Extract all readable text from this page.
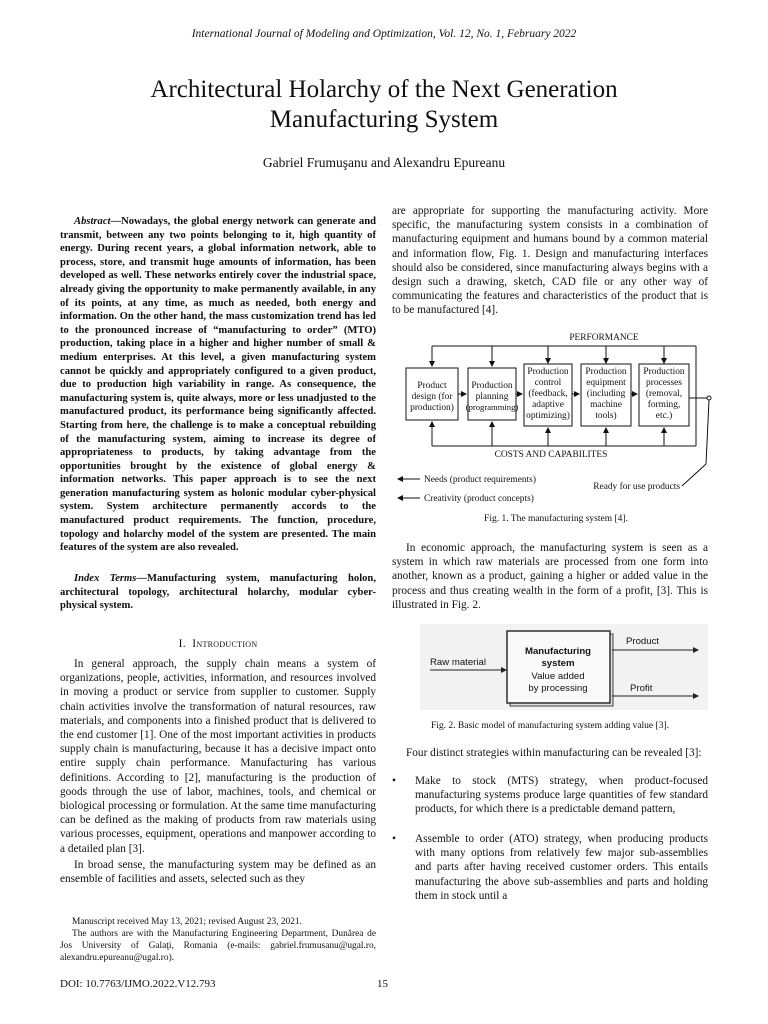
International Journal of Modeling and Optimization, Vol. 12, No. 1, February 2022
Architectural Holarchy of the Next Generation
Manufacturing System
Gabriel Frumuşanu and Alexandru Epureanu

Abstract—Nowadays, the global energy network can generate and transmit, between any two points belonging to it, high quantity of energy. During recent years, a global information network, able to process, store, and transmit huge amounts of information, has been developed as well. These networks entirely cover the industrial space, already giving the opportunity to make permanently available, in any of its points, at any time, as much as needed, both energy and information. On the other hand, the mass customization trend has led to the pronounced increase of “manufacturing to order” (MTO) production, taking place in a higher and higher number of small & medium enterprises. At this level, a given manufacturing system cannot be quickly and appropriately configured to a given product, due to production high variability in range. As consequence, the manufacturing system is, quite always, more or less unadjusted to the manufactured product, its performance being significantly affected. Starting from here, the challenge is to make a conceptual rebuilding of the manufacturing system, aiming to increase its degree of appropriateness to products, by taking advantage from the opportunities brought by the existence of global energy & information networks. This paper approach is to see the next generation manufacturing system as holonic modular cyber-physical system. System architecture permanently accords to the manufactured product requirements. The function, procedure, topology and holarchy model of the system are presented. The main features of the system are also revealed.

Index Terms—Manufacturing system, manufacturing holon, architectural topology, architectural holarchy, modular cyber-physical system.

I. Introduction

In general approach, the supply chain means a system of organizations, people, activities, information, and resources involved in moving a product or service from supplier to customer. Supply chain activities involve the transformation of natural resources, raw materials, and components into a finished product that is delivered to the end customer [1]. One of the most important activities in products supply chain is manufacturing, because it has a decisive impact onto entire supply chain performance. Manufacturing has various definitions. According to [2], manufacturing is the production of goods through the use of labor, machines, tools, and chemical or biological processing or formulation. At the same time manufacturing can be defined as the making of products from raw materials using various processes, equipment, operations and manpower according to a detailed plan [3].

In broad sense, the manufacturing system may be defined as an ensemble of facilities and assets, selected such as they

Manuscript received May 13, 2021; revised August 23, 2021.

The authors are with the Manufacturing Engineering Department, Dunărea de Jos University of Galaţi, Romania (e-mails: gabriel.frumusanu@ugal.ro, alexandru.epureanu@ugal.ro).

DOI: 10.7763/IJMO.2022.V12.793	15

are appropriate for supporting the manufacturing activity. More specific, the manufacturing system consists in a combination of manufacturing equipment and humans bound by a common material and information flow, Fig. 1. Design and manufacturing interfaces should also be considered, since manufacturing always begins with a design such a drawing, sketch, CAD file or any other way of communicating the features and characteristics of the product that is to be manufactured [4].

PERFORMANCE
Product
design (for
production)
Production
planning
(programming)
Production
control
(feedback,
adaptive
optimizing)
Production
equipment
(including
machine
tools)
Production
processes
(removal,
forming,
etc.)
COSTS AND CAPABILITES
Needs (product requirements)
Creativity (product concepts)
Ready for use products
Fig. 1. The manufacturing system [4].

In economic approach, the manufacturing system is seen as a system in which raw materials are processed from one form into another, known as a product, gaining a higher or added value in the process and thus creating wealth in the form of a profit, [3]. This is illustrated in Fig. 2.

Raw material
Manufacturing
system
Value added
by processing
Product
Profit
Fig. 2. Basic model of manufacturing system adding value [3].

Four distinct strategies within manufacturing can be revealed [3]:

• Make to stock (MTS) strategy, when product-focused manufacturing systems produce large quantities of few standard products, for which there is a predictable demand pattern,
• Assemble to order (ATO) strategy, when producing products with many options from relatively few major sub-assemblies and parts after having received customer orders. This entails manufacturing the above sub-assemblies and parts and holding them in stock until a
